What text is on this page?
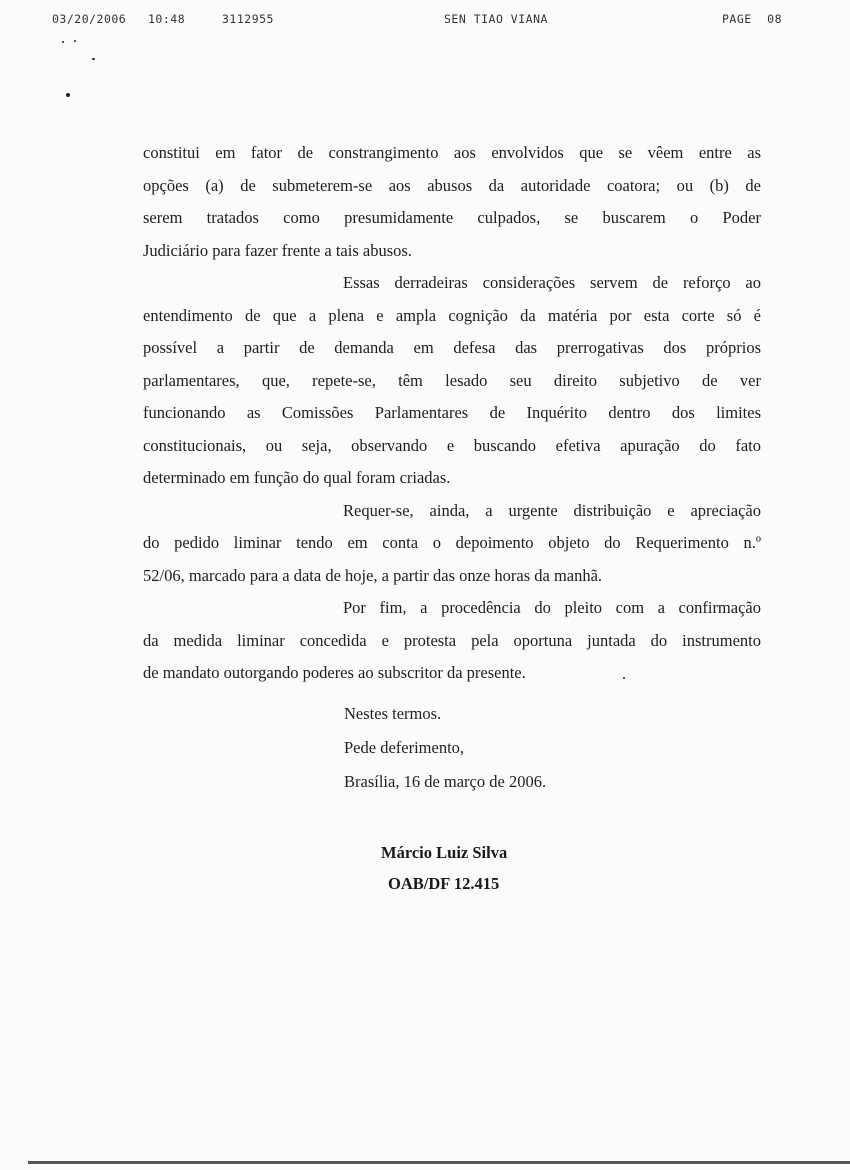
03/20/2006 10:48	3112955	SEN TIAO VIANA	PAGE 08
constitui em fator de constrangimento aos envolvidos que se vêem entre as
opções (a) de submeterem-se aos abusos da autoridade coatora; ou (b) de
serem tratados como presumidamente culpados, se buscarem o Poder
Judiciário para fazer frente a tais abusos.
Essas derradeiras considerações servem de reforço ao
entendimento de que a plena e ampla cognição da matéria por esta corte só é
possível a partir de demanda em defesa das prerrogativas dos próprios
parlamentares, que, repete-se, têm lesado seu direito subjetivo de ver
funcionando as Comissões Parlamentares de Inquérito dentro dos limites
constitucionais, ou seja, observando e buscando efetiva apuração do fato
determinado em função do qual foram criadas.
Requer-se, ainda, a urgente distribuição e apreciação
do pedido liminar tendo em conta o depoimento objeto do Requerimento n.º
52/06, marcado para a data de hoje, a partir das onze horas da manhã.
Por fim, a procedência do pleito com a confirmação
da medida liminar concedida e protesta pela oportuna juntada do instrumento
de mandato outorgando poderes ao subscritor da presente.
Nestes termos.
Pede deferimento,
Brasília, 16 de março de 2006.
Márcio Luiz Silva
OAB/DF 12.415
